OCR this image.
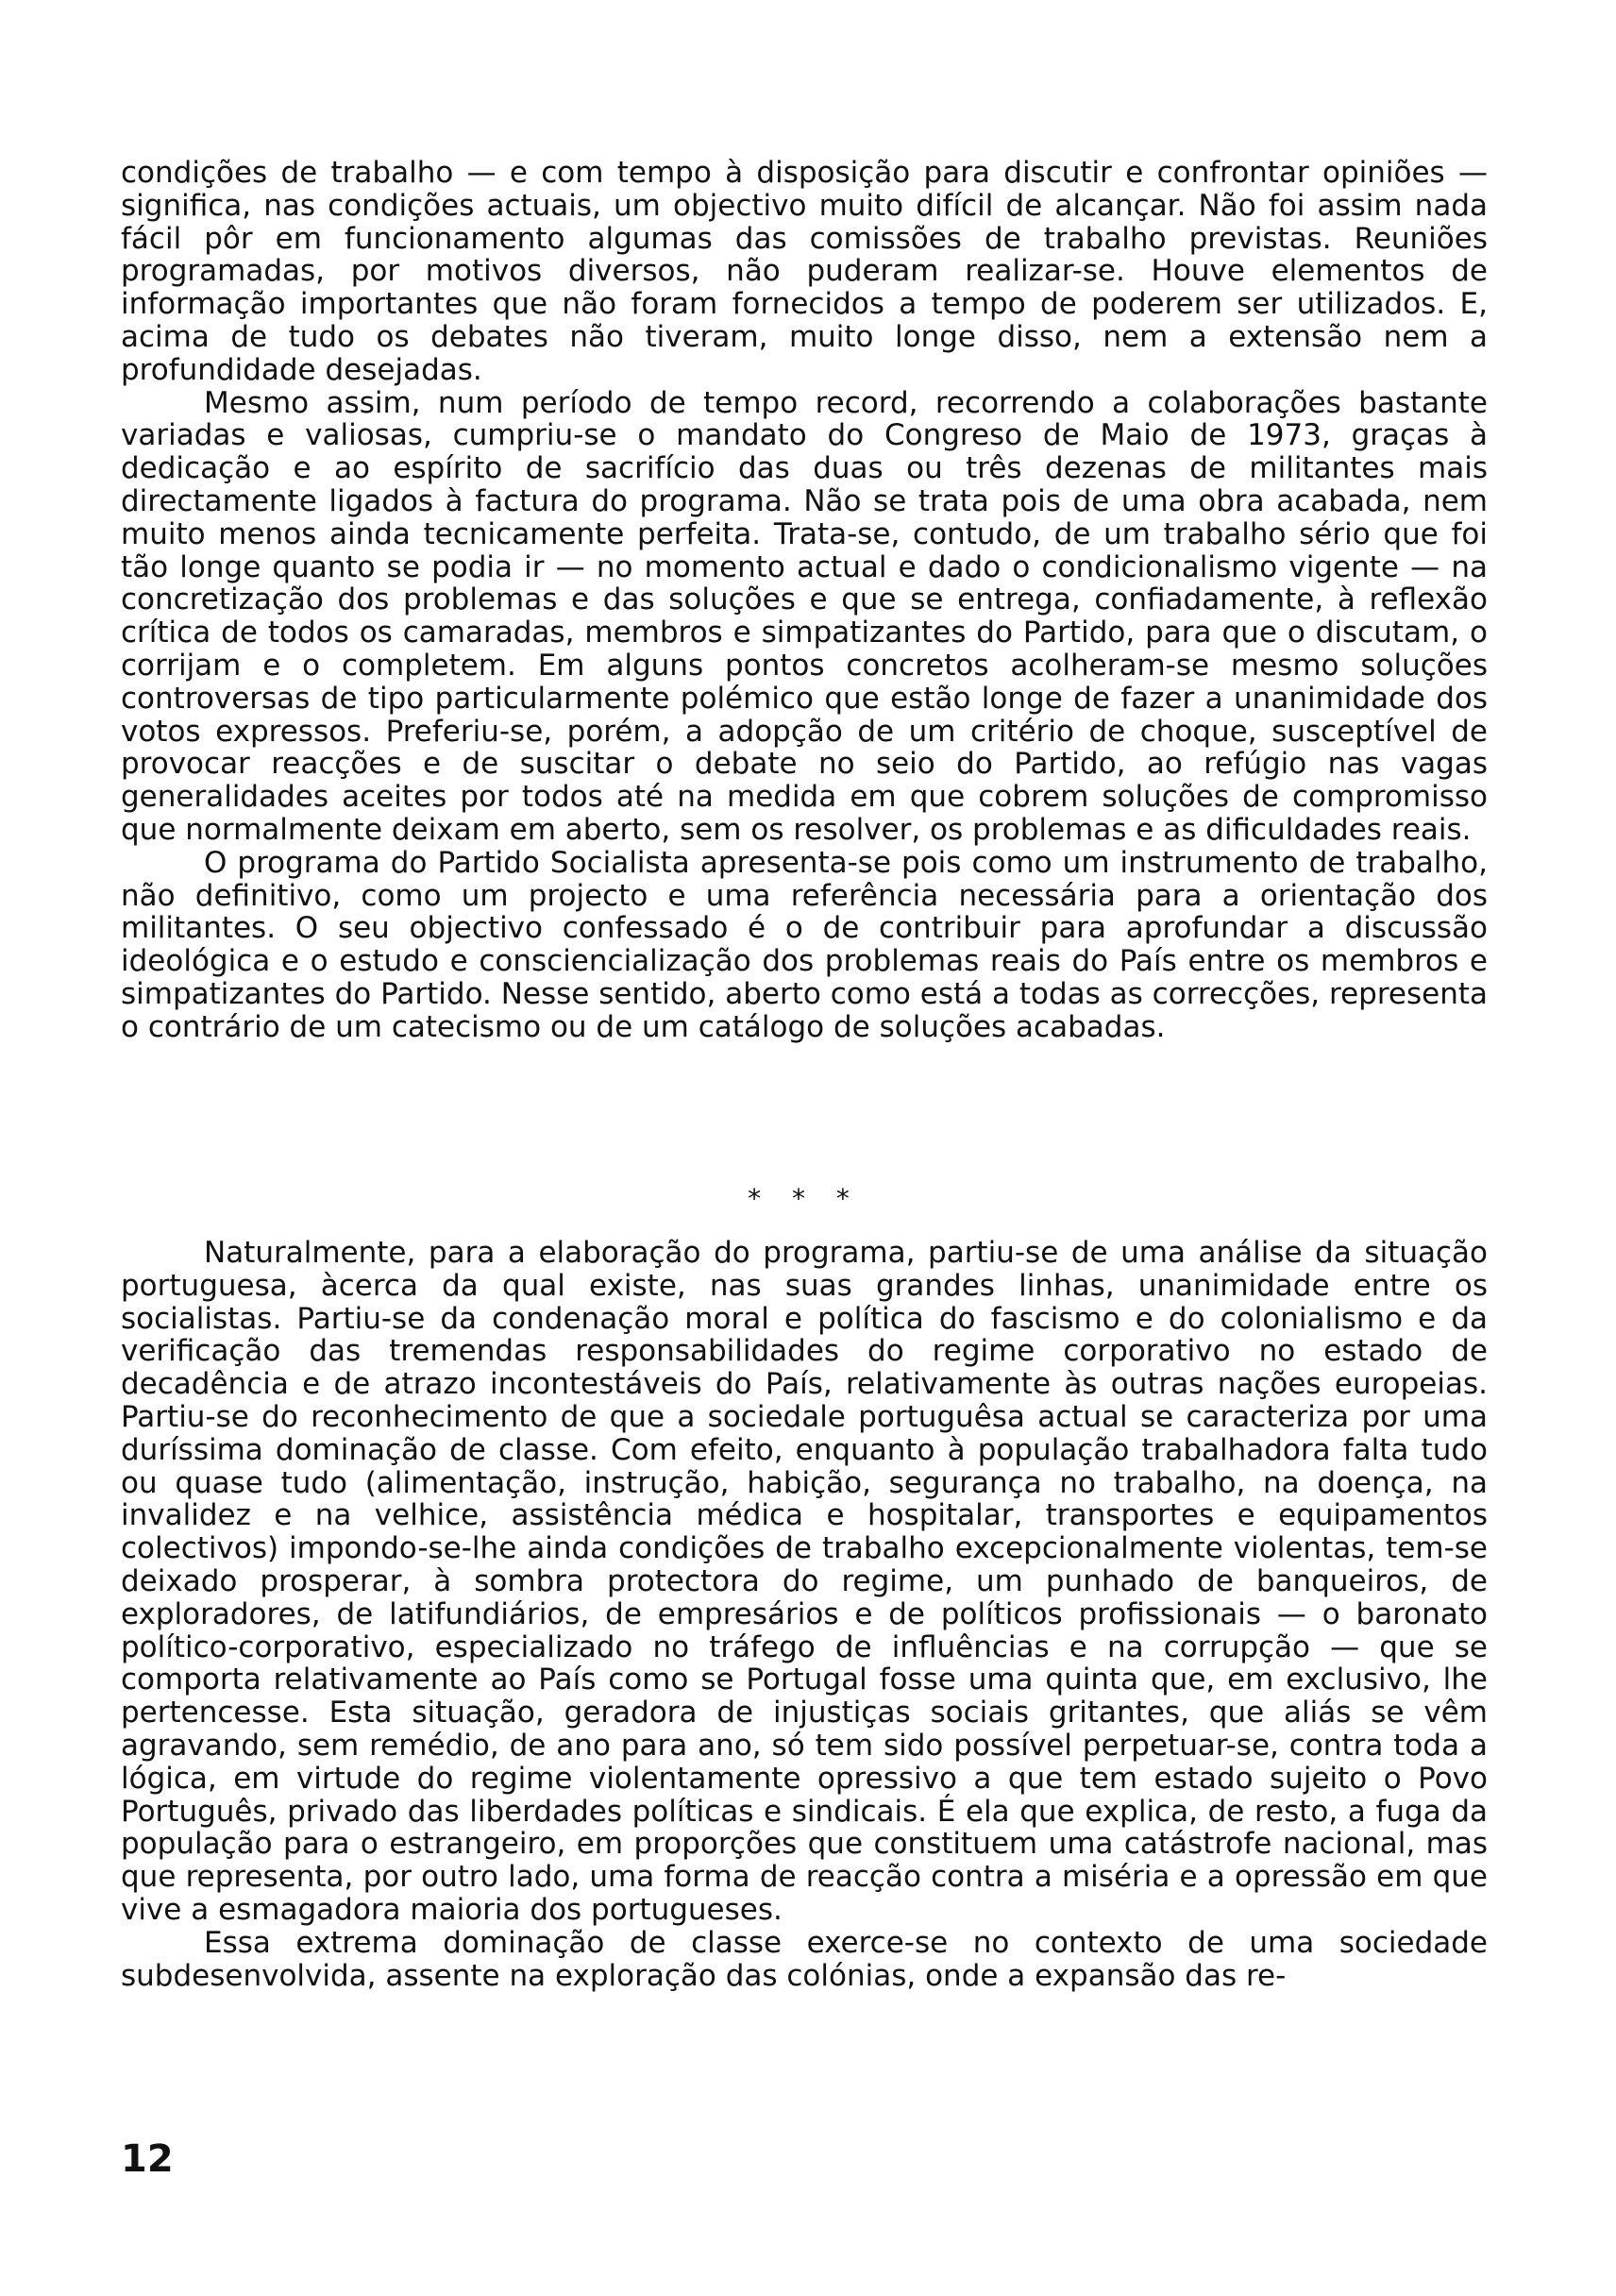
condições de trabalho — e com tempo à disposição para discutir e confrontar opiniões — significa, nas condições actuais, um objectivo muito difícil de alcançar. Não foi assim nada fácil pôr em funcionamento algumas das comissões de trabalho previstas. Reuniões programadas, por motivos diversos, não puderam realizar-se. Houve elementos de informação importantes que não foram fornecidos a tempo de poderem ser utilizados. E, acima de tudo os debates não tiveram, muito longe disso, nem a extensão nem a profundidade desejadas.

Mesmo assim, num período de tempo record, recorrendo a colaborações bastante variadas e valiosas, cumpriu-se o mandato do Congreso de Maio de 1973, graças à dedicação e ao espírito de sacrifício das duas ou três dezenas de militantes mais directamente ligados à factura do programa. Não se trata pois de uma obra acabada, nem muito menos ainda tecnicamente perfeita. Trata-se, contudo, de um trabalho sério que foi tão longe quanto se podia ir — no momento actual e dado o condicionalismo vigente — na concretização dos problemas e das soluções e que se entrega, confiadamente, à reflexão crítica de todos os camaradas, membros e simpatizantes do Partido, para que o discutam, o corrijam e o completem. Em alguns pontos concretos acolheram-se mesmo soluções controversas de tipo particularmente polémico que estão longe de fazer a unanimidade dos votos expressos. Preferiu-se, porém, a adopção de um critério de choque, susceptível de provocar reacções e de suscitar o debate no seio do Partido, ao refúgio nas vagas generalidades aceites por todos até na medida em que cobrem soluções de compromisso que normalmente deixam em aberto, sem os resolver, os problemas e as dificuldades reais.

O programa do Partido Socialista apresenta-se pois como um instrumento de trabalho, não definitivo, como um projecto e uma referência necessária para a orientação dos militantes. O seu objectivo confessado é o de contribuir para aprofundar a discussão ideológica e o estudo e consciencialização dos problemas reais do País entre os membros e simpatizantes do Partido. Nesse sentido, aberto como está a todas as correcções, representa o contrário de um catecismo ou de um catálogo de soluções acabadas.

* * *

Naturalmente, para a elaboração do programa, partiu-se de uma análise da situação portuguesa, àcerca da qual existe, nas suas grandes linhas, unanimidade entre os socialistas. Partiu-se da condenação moral e política do fascismo e do colonialismo e da verificação das tremendas responsabilidades do regime corporativo no estado de decadência e de atrazo incontestáveis do País, relativamente às outras nações europeias. Partiu-se do reconhecimento de que a sociedale portuguêsa actual se caracteriza por uma duríssima dominação de classe. Com efeito, enquanto à população trabalhadora falta tudo ou quase tudo (alimentação, instrução, habição, segurança no trabalho, na doença, na invalidez e na velhice, assistência médica e hospitalar, transportes e equipamentos colectivos) impondo-se-lhe ainda condições de trabalho excepcionalmente violentas, tem-se deixado prosperar, à sombra protectora do regime, um punhado de banqueiros, de exploradores, de latifundiários, de empresários e de políticos profissionais — o baronato político-corporativo, especializado no tráfego de influências e na corrupção — que se comporta relativamente ao País como se Portugal fosse uma quinta que, em exclusivo, lhe pertencesse. Esta situação, geradora de injustiças sociais gritantes, que aliás se vêm agravando, sem remédio, de ano para ano, só tem sido possível perpetuar-se, contra toda a lógica, em virtude do regime violentamente opressivo a que tem estado sujeito o Povo Português, privado das liberdades políticas e sindicais. É ela que explica, de resto, a fuga da população para o estrangeiro, em proporções que constituem uma catástrofe nacional, mas que representa, por outro lado, uma forma de reacção contra a miséria e a opressão em que vive a esmagadora maioria dos portugueses.

Essa extrema dominação de classe exerce-se no contexto de uma sociedade subdesenvolvida, assente na exploração das colónias, onde a expansão das re-

12
